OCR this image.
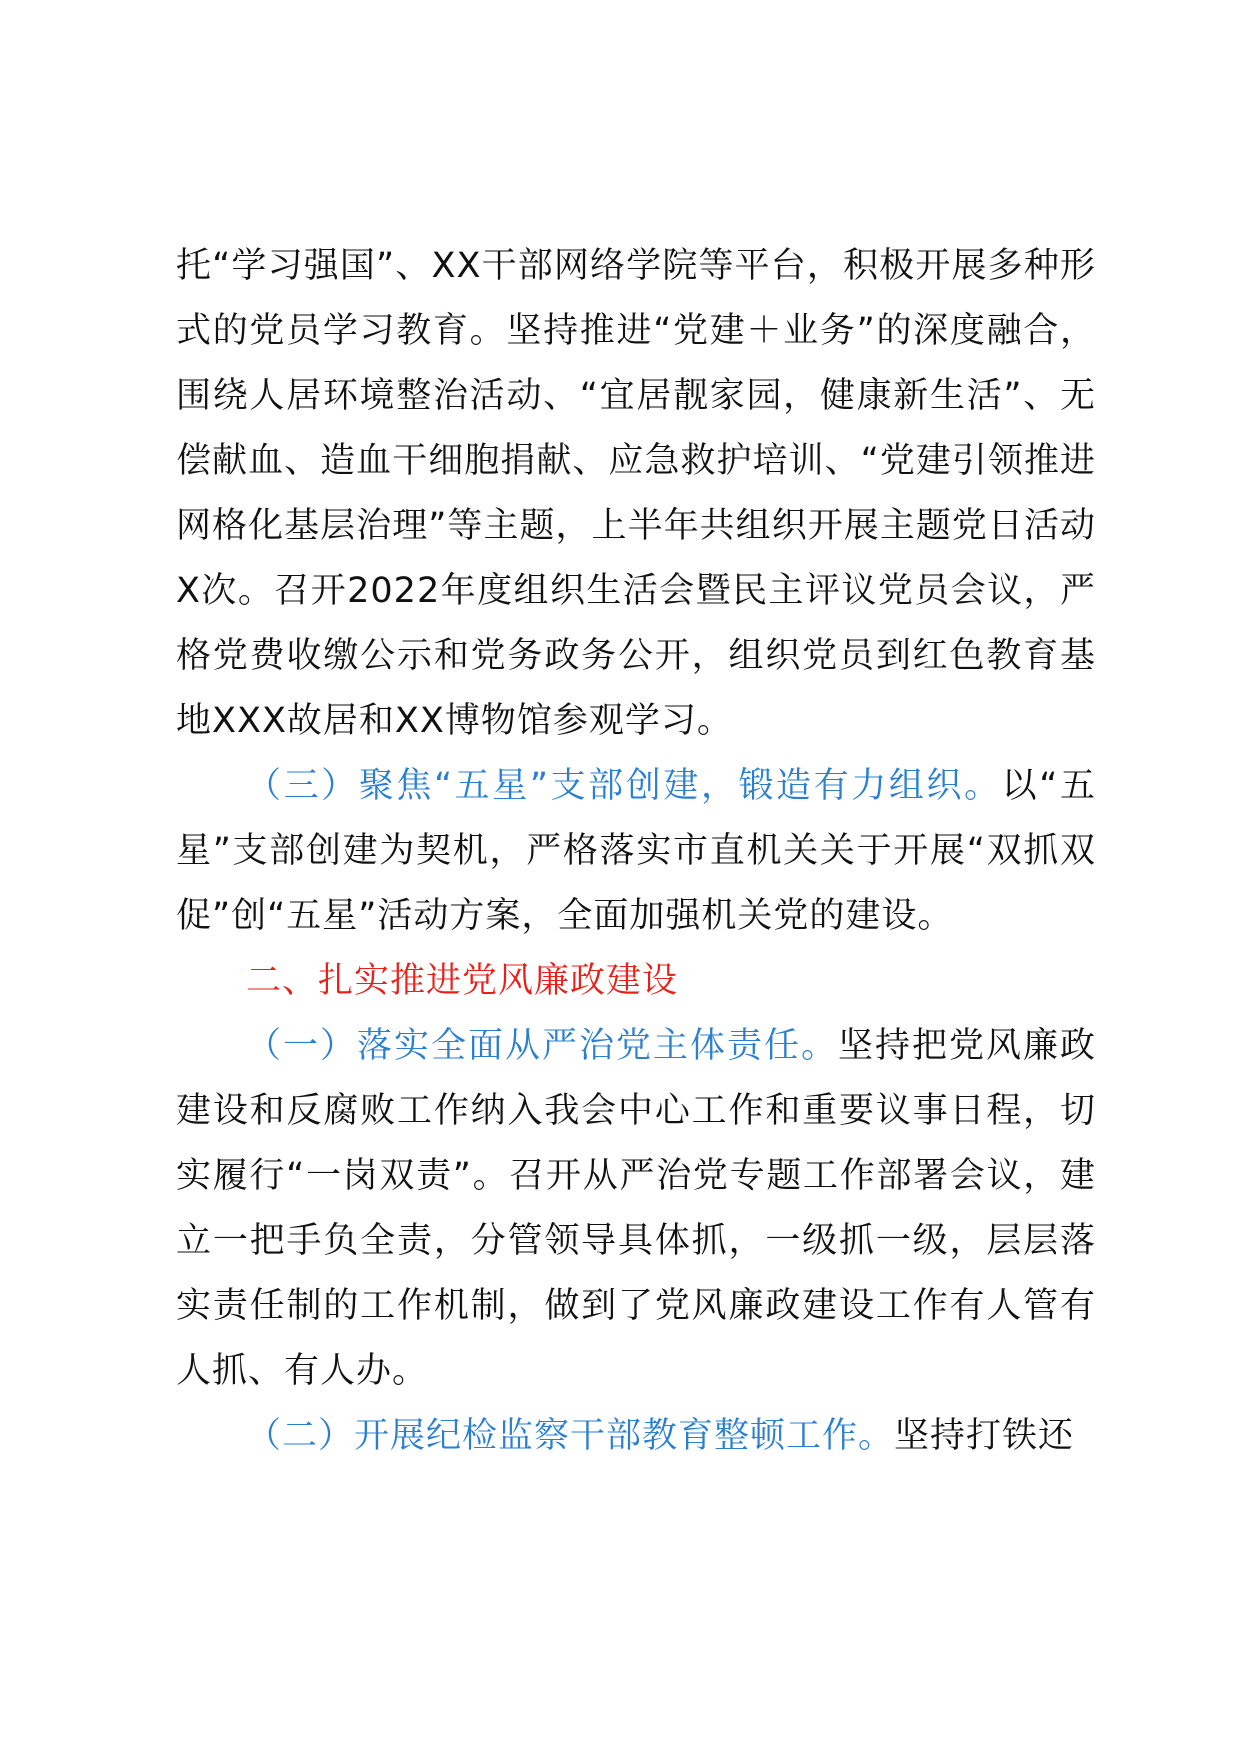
托“学习强国”、XX干部网络学院等平台，积极开展多种形式的党员学习教育。坚持推进“党建＋业务”的深度融合，围绕人居环境整治活动、“宜居靓家园，健康新生活”、无偿献血、造血干细胞捐献、应急救护培训、“党建引领推进网格化基层治理”等主题，上半年共组织开展主题党日活动X次。召开2022年度组织生活会暨民主评议党员会议，严格党费收缴公示和党务政务公开，组织党员到红色教育基地XXX故居和XX博物馆参观学习。

（三）聚焦“五星”支部创建，锻造有力组织。以“五星”支部创建为契机，严格落实市直机关关于开展“双抓双促”创“五星”活动方案，全面加强机关党的建设。

二、扎实推进党风廉政建设

（一）落实全面从严治党主体责任。坚持把党风廉政建设和反腐败工作纳入我会中心工作和重要议事日程，切实履行“一岗双责”。召开从严治党专题工作部署会议，建立一把手负全责，分管领导具体抓，一级抓一级，层层落实责任制的工作机制，做到了党风廉政建设工作有人管有人抓、有人办。

（二）开展纪检监察干部教育整顿工作。坚持打铁还
